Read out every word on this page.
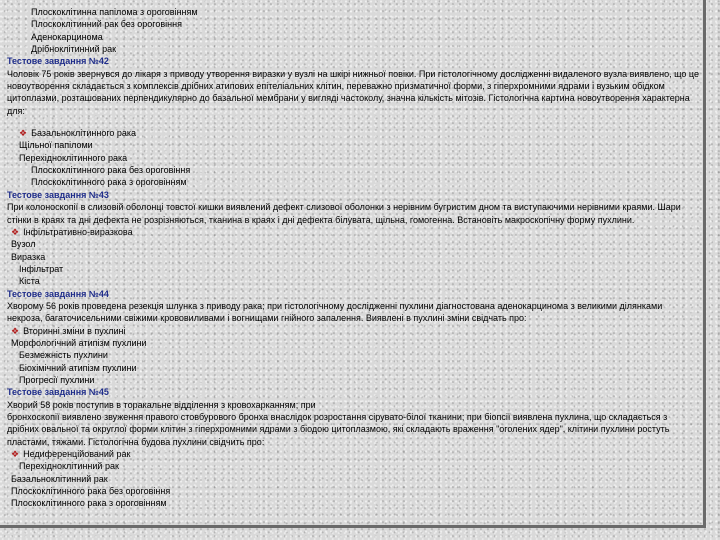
Плоскоклітинна папілома з ороговінням
Плоскоклітинний рак без ороговіння
Аденокарцинома
Дрібноклітинний рак
Тестове завдання №42
Чоловік 75 років звернувся до лікаря з приводу утворення виразки у вузлі на шкірі нижньої повіки. При гістологічному дослідженні видаленого вузла виявлено, що це новоутворення складається з комплексів дрібних атипових епітеліальних клітин, переважно призматичної форми, з гіперхромними ядрами і вузьким обідком цитоплазми, розташованих перпендикулярно до базальної мембрани у вигляді частоколу, значна кількість мітозів. Гістологічна картина новоутворення характерна для:
❖ Базальноклітинного рака
Щільної папіломи
Перехідноклітинного рака
Плоскоклітинного рака без ороговіння
Плоскоклітинного рака з ороговінням
Тестове завдання №43
При колоноскопії в слизовій оболонці товстої кишки виявлений дефект слизової оболонки з нерівним бугристим дном та виступаючими нерівними краями. Шари стінки в краях та дні дефекта не розрізняються, тканина в краях і дні дефекта білувата, щільна, гомогенна. Встановіть макроскопічну форму пухлини.
❖ Інфільтративно-виразкова
Вузол
Виразка
Інфільтрат
Кіста
Тестове завдання №44
Хворому 56 років проведена резекція шлунка з приводу рака; при гістологічному дослідженні пухлини діагностована аденокарцинома з великими ділянками некроза, багаточисельними свіжими крововиливами і вогнищами гнійного запалення. Виявлені в пухлині зміни свідчать про:
❖ Вторинні зміни в пухлині
Морфологічний атипізм пухлини
Безмежність пухлини
Біохімічний атипізм пухлини
Прогресії пухлини
Тестове завдання №45
Хворий 58 років поступив в торакальне відділення з кровохарканням; при
бронхоскопії виявлено звуження правого стовбурового бронха внаслідок розростання сірувато-білої тканини; при біопсії виявлена пухлина, що складається з дрібних овальної та округлої форми клітин з гіперхромними ядрами з біодою цитоплазмою, які складають враження "оголених ядер", клітини пухлини ростуть пластами, тяжами. Гістологічна будова пухлини свідчить про:
❖ Недиференційований рак
Перехідноклітинний рак
Базальноклітинний рак
Плоскоклітинного рака без ороговіння
Плоскоклітинного рака з ороговінням
